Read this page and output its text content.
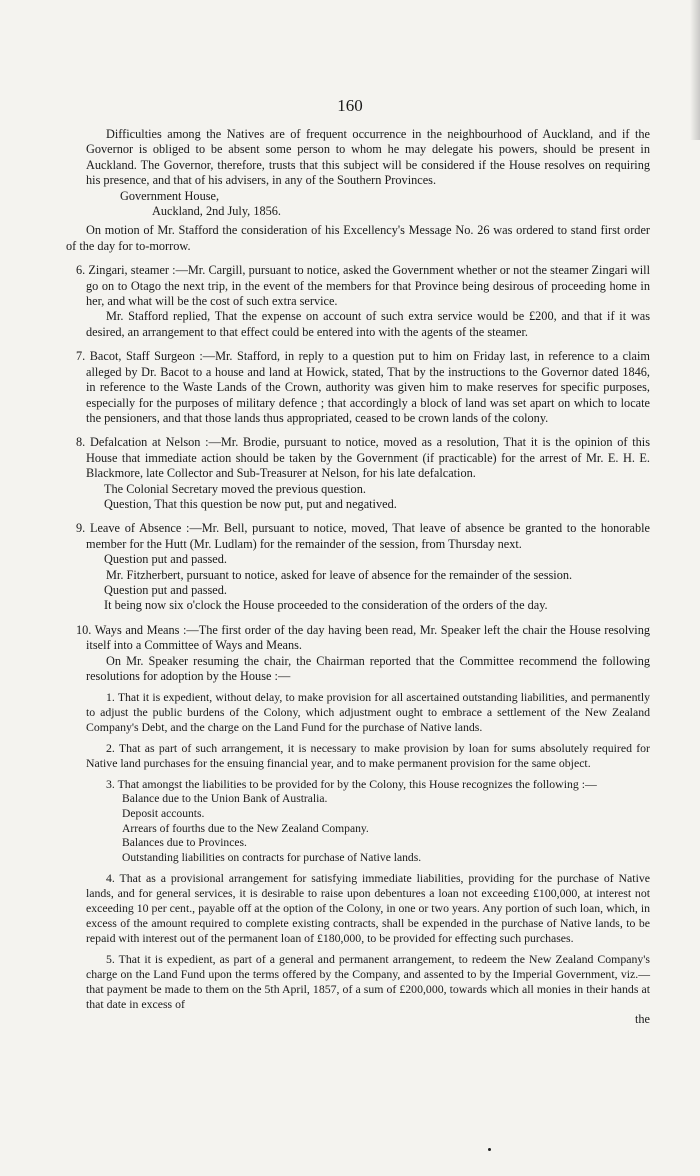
160

Difficulties among the Natives are of frequent occurrence in the neighbourhood of Auckland, and if the Governor is obliged to be absent some person to whom he may delegate his powers, should be present in Auckland. The Governor, therefore, trusts that this subject will be considered if the House resolves on requiring his presence, and that of his advisers, in any of the Southern Provinces.

Government House,

Auckland, 2nd July, 1856.

On motion of Mr. Stafford the consideration of his Excellency's Message No. 26 was ordered to stand first order of the day for to-morrow.

6. Zingari, steamer :—Mr. Cargill, pursuant to notice, asked the Government whether or not the steamer Zingari will go on to Otago the next trip, in the event of the members for that Province being desirous of proceeding home in her, and what will be the cost of such extra service.

Mr. Stafford replied, That the expense on account of such extra service would be £200, and that if it was desired, an arrangement to that effect could be entered into with the agents of the steamer.

7. Bacot, Staff Surgeon :—Mr. Stafford, in reply to a question put to him on Friday last, in reference to a claim alleged by Dr. Bacot to a house and land at Howick, stated, That by the instructions to the Governor dated 1846, in reference to the Waste Lands of the Crown, authority was given him to make reserves for specific purposes, especially for the purposes of military defence ; that accordingly a block of land was set apart on which to locate the pensioners, and that those lands thus appropriated, ceased to be crown lands of the colony.

8. Defalcation at Nelson :—Mr. Brodie, pursuant to notice, moved as a resolution, That it is the opinion of this House that immediate action should be taken by the Government (if practicable) for the arrest of Mr. E. H. E. Blackmore, late Collector and Sub-Treasurer at Nelson, for his late defalcation.

The Colonial Secretary moved the previous question.

Question, That this question be now put, put and negatived.

9. Leave of Absence :—Mr. Bell, pursuant to notice, moved, That leave of absence be granted to the honorable member for the Hutt (Mr. Ludlam) for the remainder of the session, from Thursday next.

Question put and passed.

Mr. Fitzherbert, pursuant to notice, asked for leave of absence for the remainder of the session.

Question put and passed.

It being now six o'clock the House proceeded to the consideration of the orders of the day.

10. Ways and Means :—The first order of the day having been read, Mr. Speaker left the chair the House resolving itself into a Committee of Ways and Means.

On Mr. Speaker resuming the chair, the Chairman reported that the Committee recommend the following resolutions for adoption by the House :—

1. That it is expedient, without delay, to make provision for all ascertained outstanding liabilities, and permanently to adjust the public burdens of the Colony, which adjustment ought to embrace a settlement of the New Zealand Company's Debt, and the charge on the Land Fund for the purchase of Native lands.

2. That as part of such arrangement, it is necessary to make provision by loan for sums absolutely required for Native land purchases for the ensuing financial year, and to make permanent provision for the same object.

3. That amongst the liabilities to be provided for by the Colony, this House recognizes the following :—

Balance due to the Union Bank of Australia.

Deposit accounts.

Arrears of fourths due to the New Zealand Company.

Balances due to Provinces.

Outstanding liabilities on contracts for purchase of Native lands.

4. That as a provisional arrangement for satisfying immediate liabilities, providing for the purchase of Native lands, and for general services, it is desirable to raise upon debentures a loan not exceeding £100,000, at interest not exceeding 10 per cent., payable off at the option of the Colony, in one or two years. Any portion of such loan, which, in excess of the amount required to complete existing contracts, shall be expended in the purchase of Native lands, to be repaid with interest out of the permanent loan of £180,000, to be provided for effecting such purchases.

5. That it is expedient, as part of a general and permanent arrangement, to redeem the New Zealand Company's charge on the Land Fund upon the terms offered by the Company, and assented to by the Imperial Government, viz.—that payment be made to them on the 5th April, 1857, of a sum of £200,000, towards which all monies in their hands at that date in excess of

the
